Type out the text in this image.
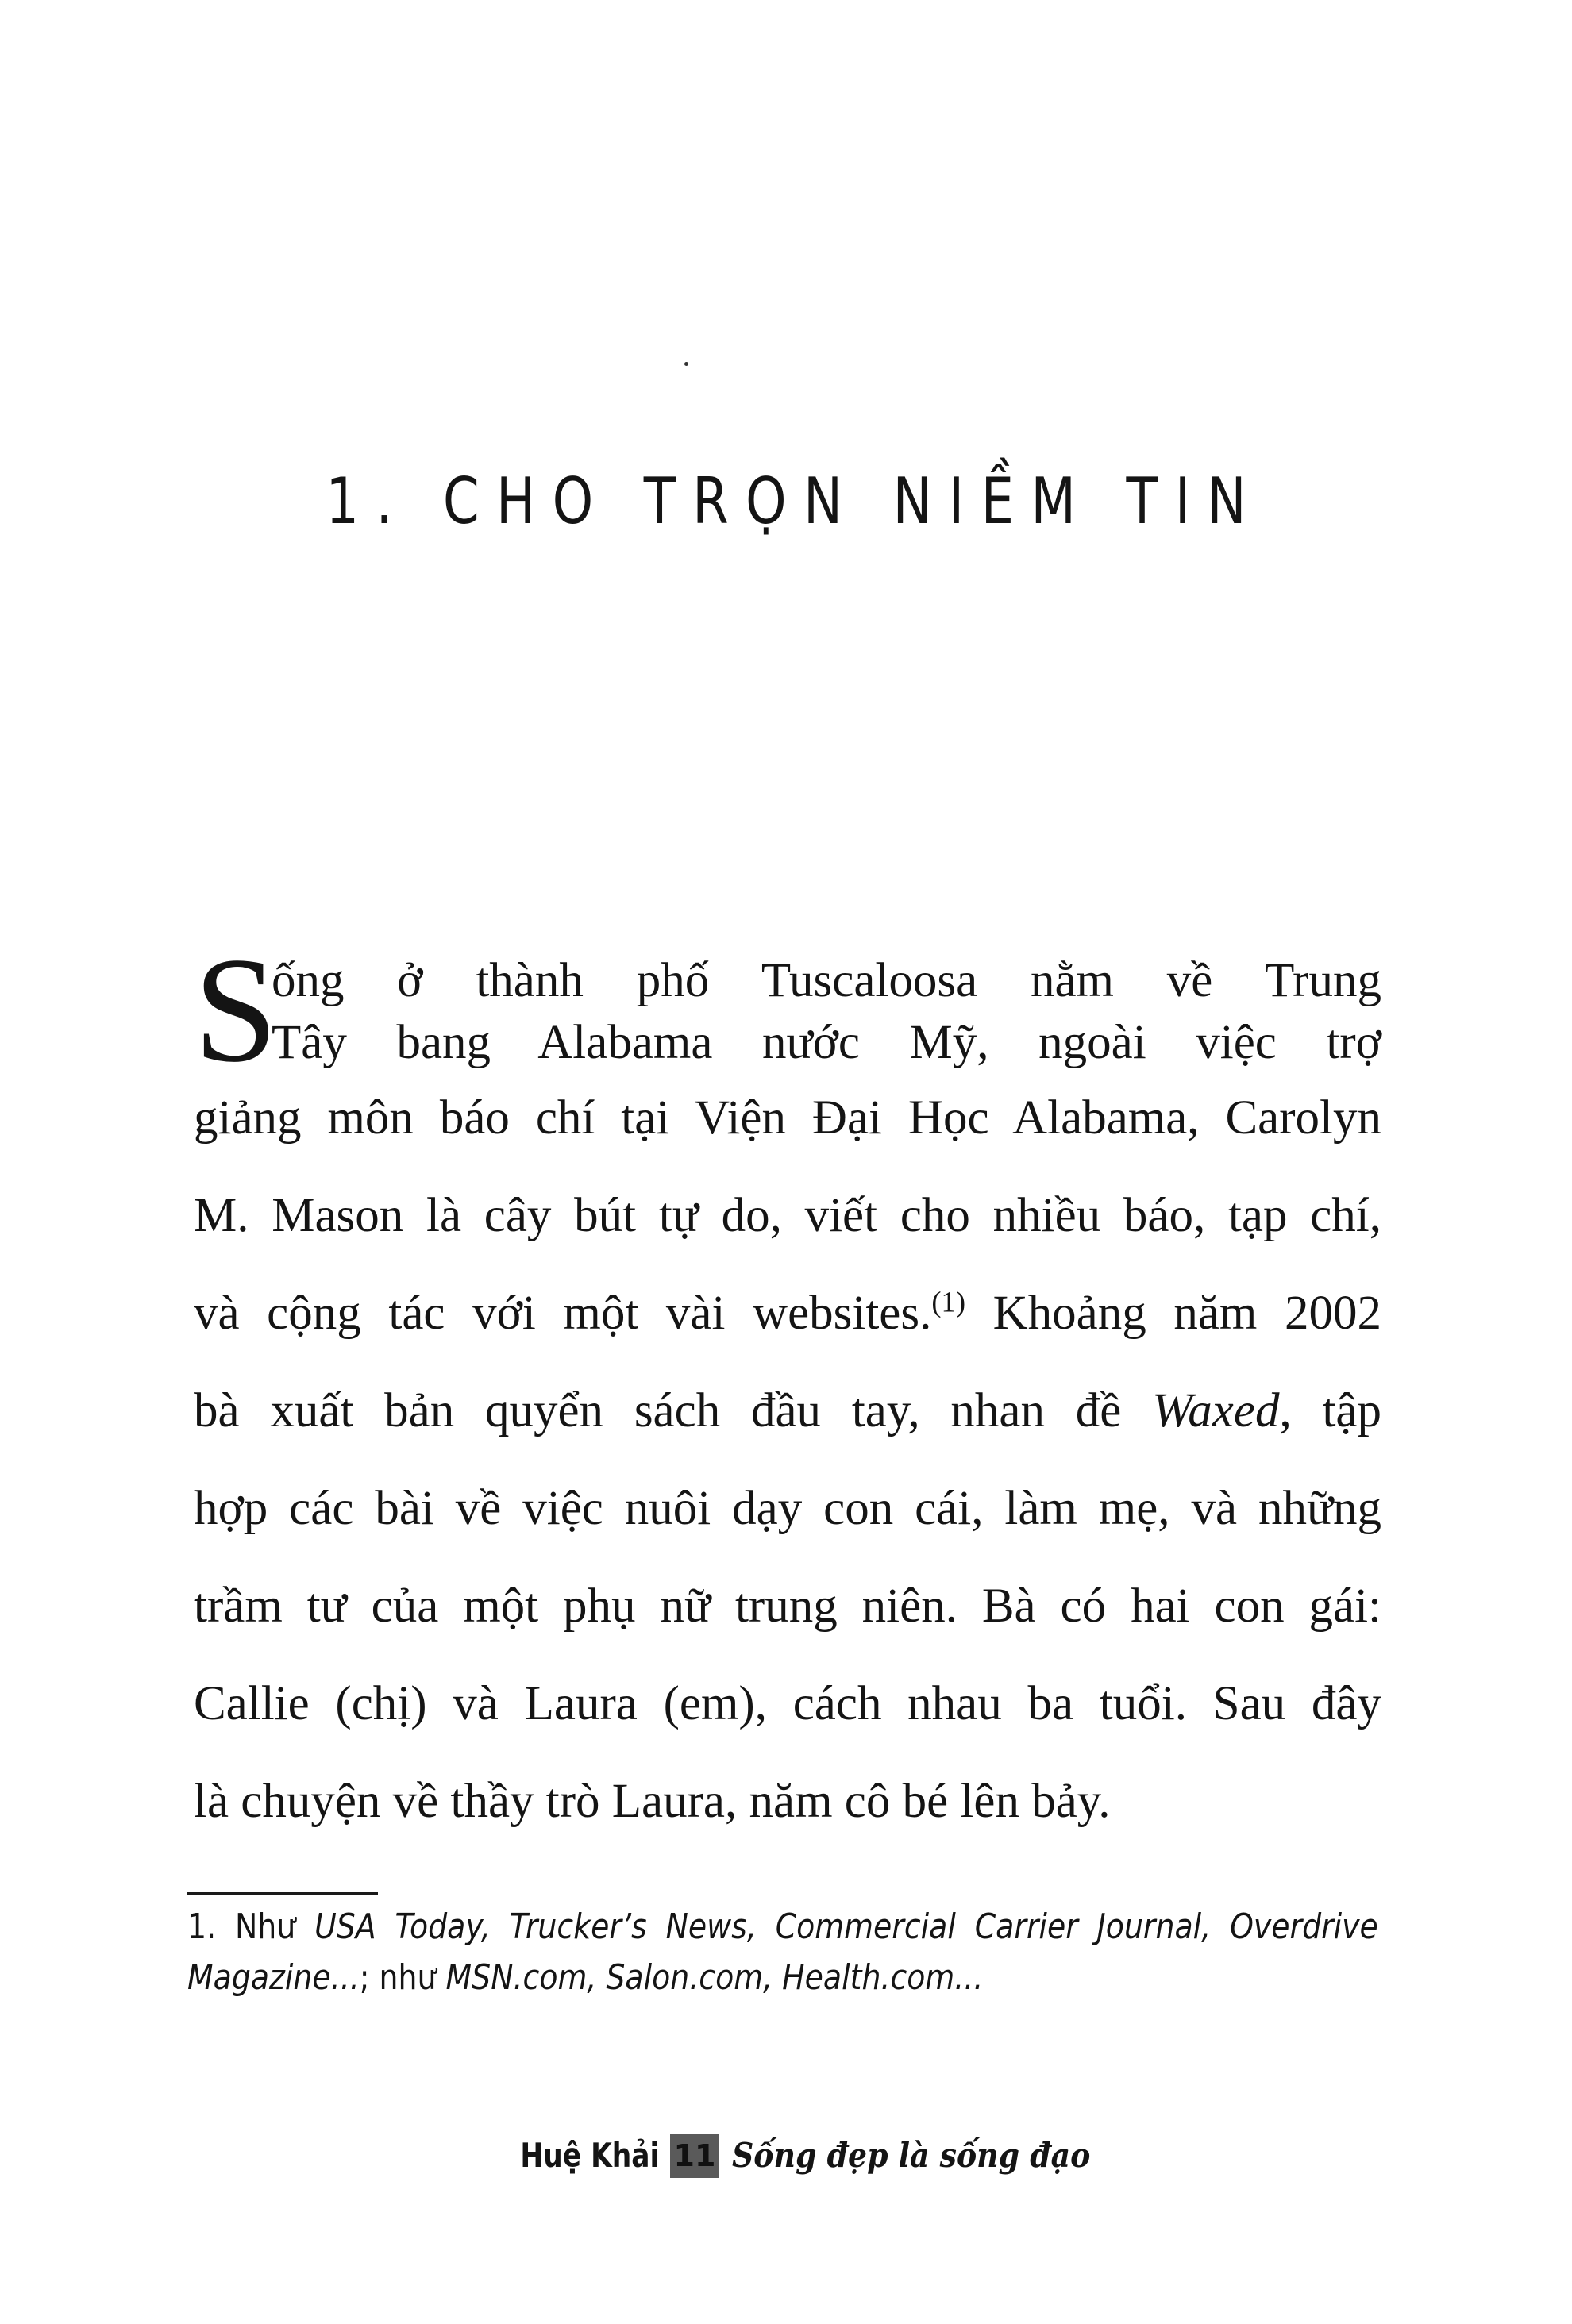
1. CHO TRỌN NIỀM TIN
S
ống ở thành phố Tuscaloosa nằm về Trung
Tây bang Alabama nước Mỹ, ngoài việc trợ
giảng môn báo chí tại Viện Đại Học Alabama, Carolyn
M. Mason là cây bút tự do, viết cho nhiều báo, tạp chí,
và cộng tác với một vài websites.$^{(1)}$ Khoảng năm 2002
bà xuất bản quyển sách đầu tay, nhan đề Waxed, tập
hợp các bài về việc nuôi dạy con cái, làm mẹ, và những
trầm tư của một phụ nữ trung niên. Bà có hai con gái:
Callie (chị) và Laura (em), cách nhau ba tuổi. Sau đây
là chuyện về thầy trò Laura, năm cô bé lên bảy.
1. Như USA Today, Trucker’s News, Commercial Carrier Journal, Overdrive
Magazine...; như MSN.com, Salon.com, Health.com...
Huệ Khải 11 Sống đẹp là sống đạo
